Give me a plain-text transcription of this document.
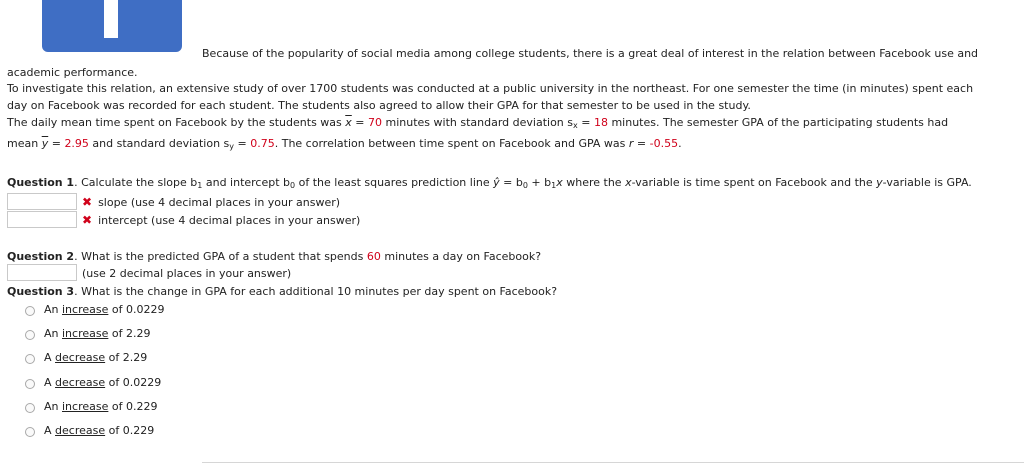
Because of the popularity of social media among college students, there is a great deal of interest in the relation between Facebook use and
academic performance.
To investigate this relation, an extensive study of over 1700 students was conducted at a public university in the northeast. For one semester the time (in minutes) spent each
day on Facebook was recorded for each student. The students also agreed to allow their GPA for that semester to be used in the study.
The daily mean time spent on Facebook by the students was $\overline{x} = 70$ minutes with standard deviation $s_x = 18$ minutes. The semester GPA of the participating students had
mean $\overline{y} = 2.95$ and standard deviation $s_y = 0.75$. The correlation between time spent on Facebook and GPA was r = -0.55.
Question 1. Calculate the slope $b_1$ and intercept $b_0$ of the least squares prediction line ŷ = $b_0 + b_1x$ where the x-variable is time spent on Facebook and the y-variable is GPA.
✖ slope (use 4 decimal places in your answer)
✖ intercept (use 4 decimal places in your answer)
Question 2. What is the predicted GPA of a student that spends 60 minutes a day on Facebook?
(use 2 decimal places in your answer)
Question 3. What is the change in GPA for each additional 10 minutes per day spent on Facebook?
An increase of 0.0229
An increase of 2.29
A decrease of 2.29
A decrease of 0.0229
An increase of 0.229
A decrease of 0.229
